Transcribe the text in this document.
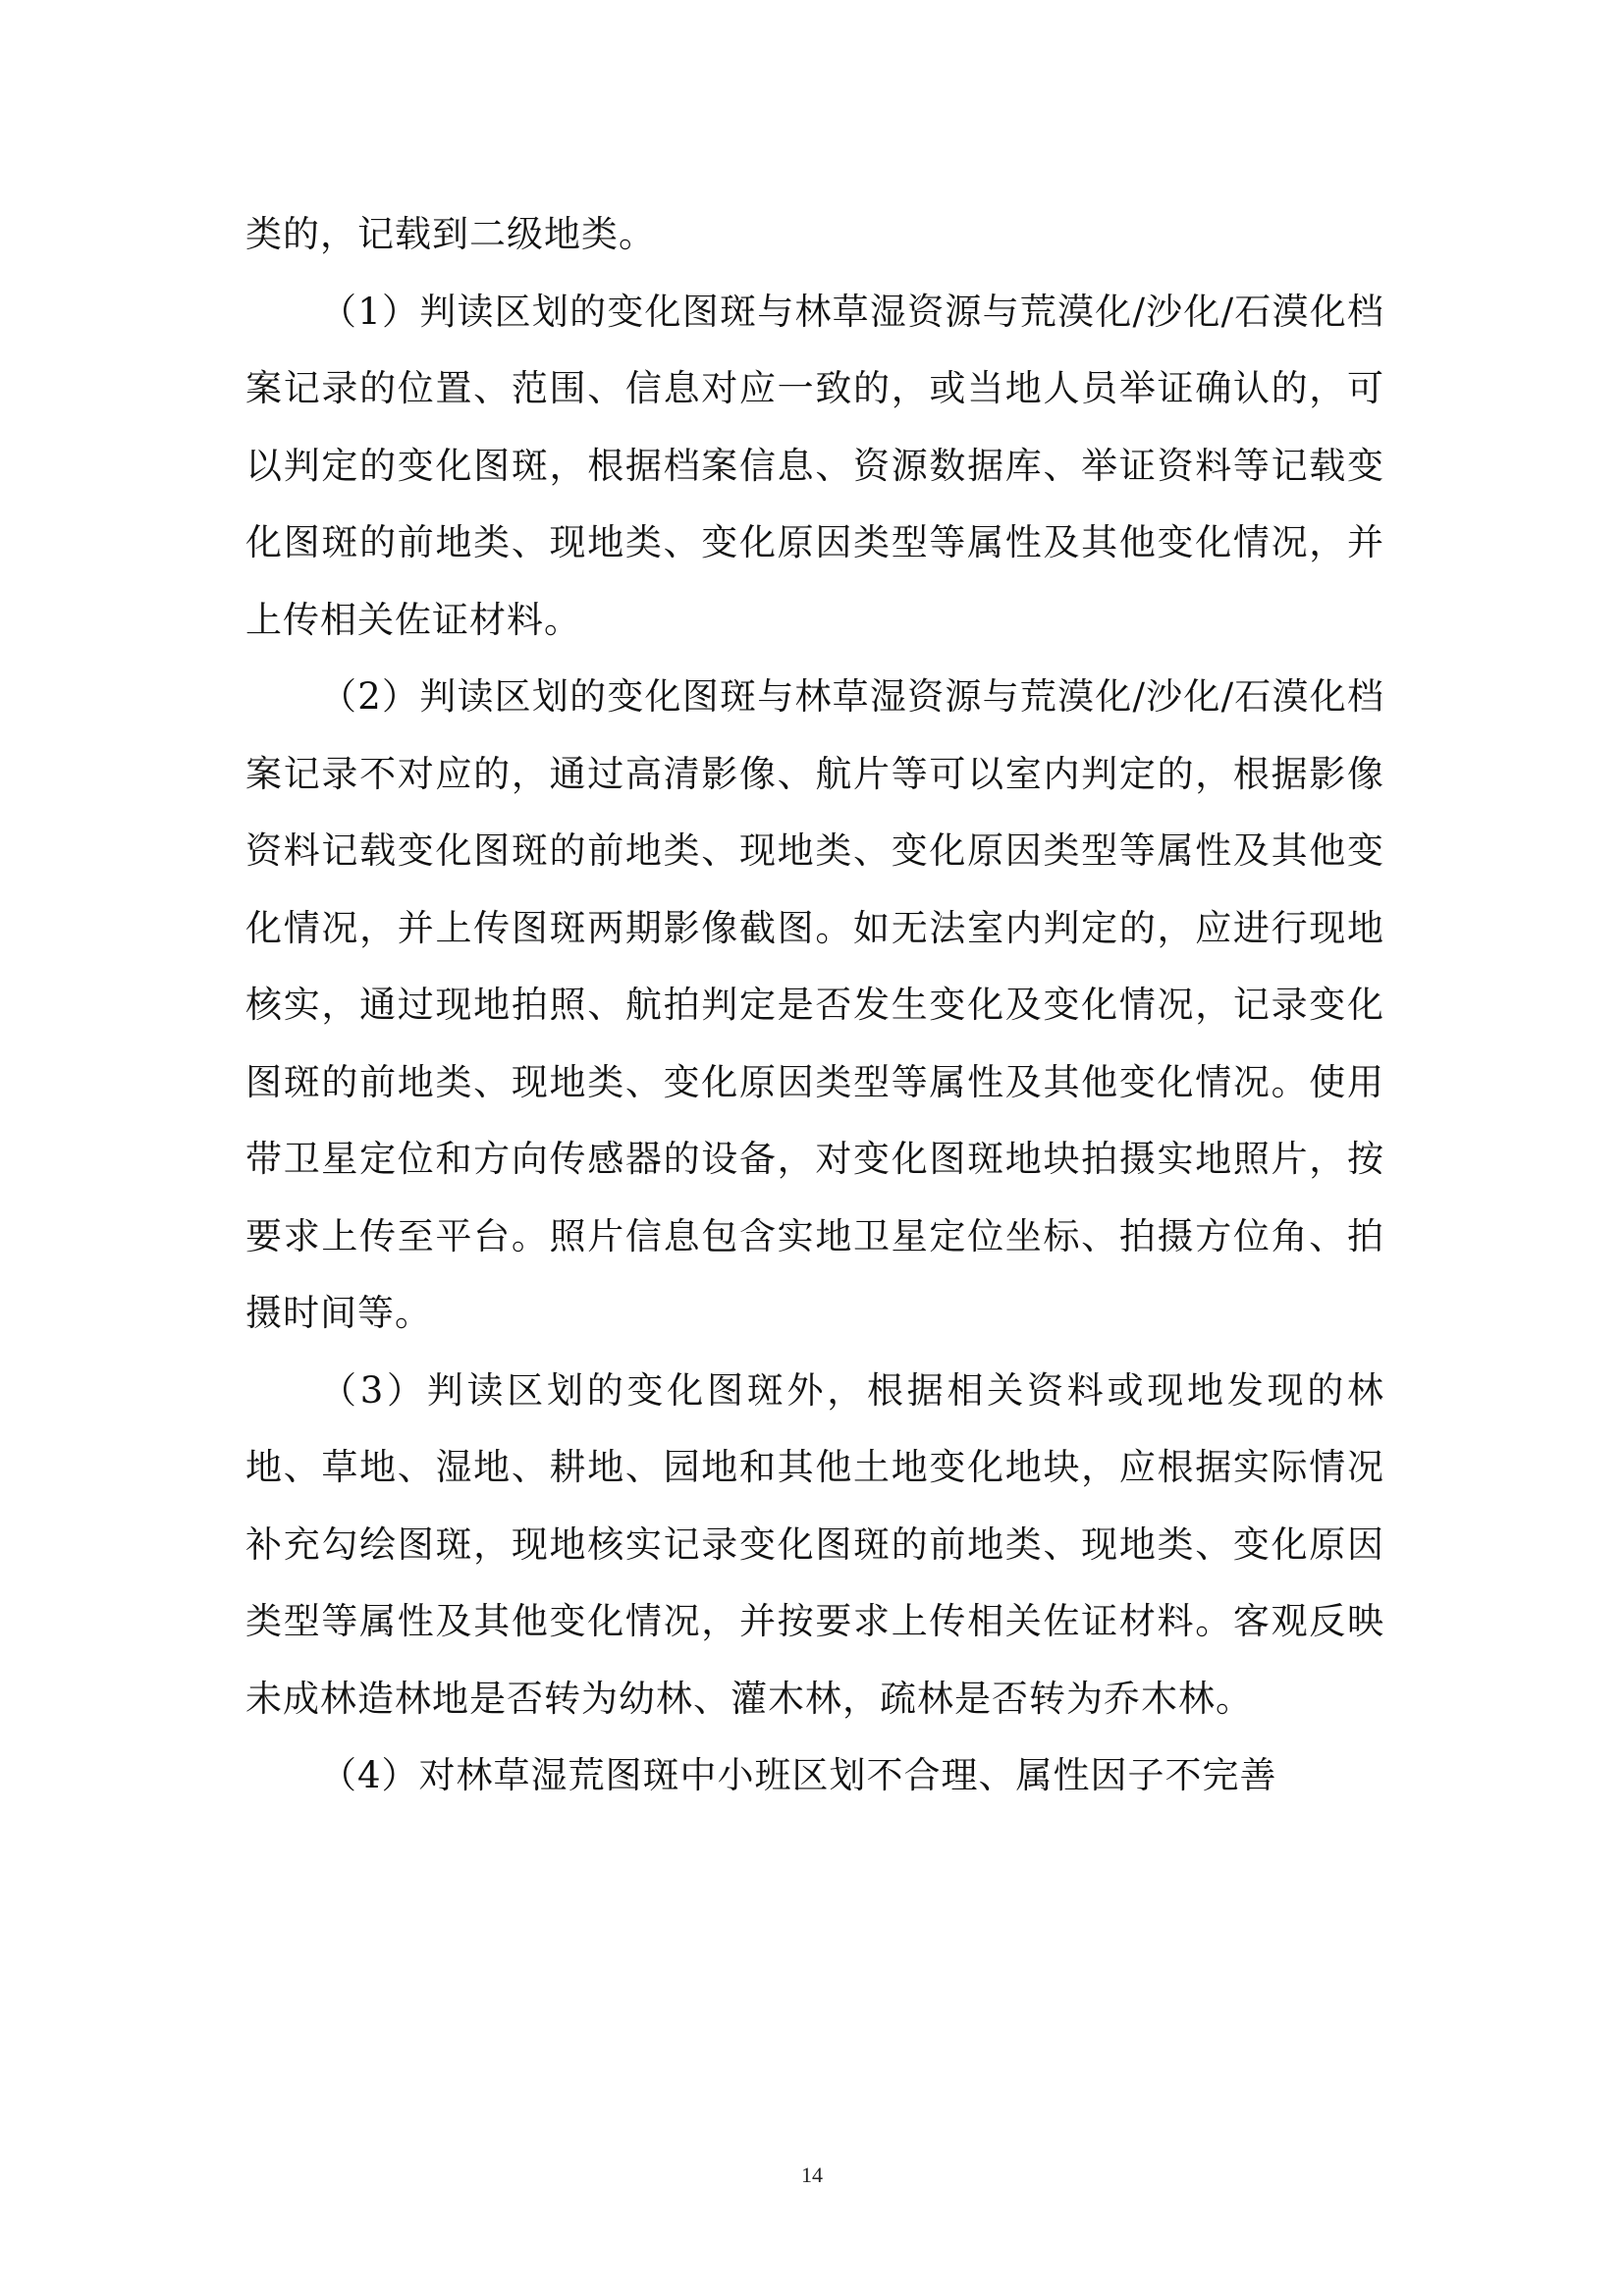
类的，记载到二级地类。

（1）判读区划的变化图斑与林草湿资源与荒漠化/沙化/石漠化档案记录的位置、范围、信息对应一致的，或当地人员举证确认的，可以判定的变化图斑，根据档案信息、资源数据库、举证资料等记载变化图斑的前地类、现地类、变化原因类型等属性及其他变化情况，并上传相关佐证材料。

（2）判读区划的变化图斑与林草湿资源与荒漠化/沙化/石漠化档案记录不对应的，通过高清影像、航片等可以室内判定的，根据影像资料记载变化图斑的前地类、现地类、变化原因类型等属性及其他变化情况，并上传图斑两期影像截图。如无法室内判定的，应进行现地核实，通过现地拍照、航拍判定是否发生变化及变化情况，记录变化图斑的前地类、现地类、变化原因类型等属性及其他变化情况。使用带卫星定位和方向传感器的设备，对变化图斑地块拍摄实地照片，按要求上传至平台。照片信息包含实地卫星定位坐标、拍摄方位角、拍摄时间等。

（3）判读区划的变化图斑外，根据相关资料或现地发现的林地、草地、湿地、耕地、园地和其他土地变化地块，应根据实际情况补充勾绘图斑，现地核实记录变化图斑的前地类、现地类、变化原因类型等属性及其他变化情况，并按要求上传相关佐证材料。客观反映未成林造林地是否转为幼林、灌木林，疏林是否转为乔木林。

（4）对林草湿荒图斑中小班区划不合理、属性因子不完善

14
